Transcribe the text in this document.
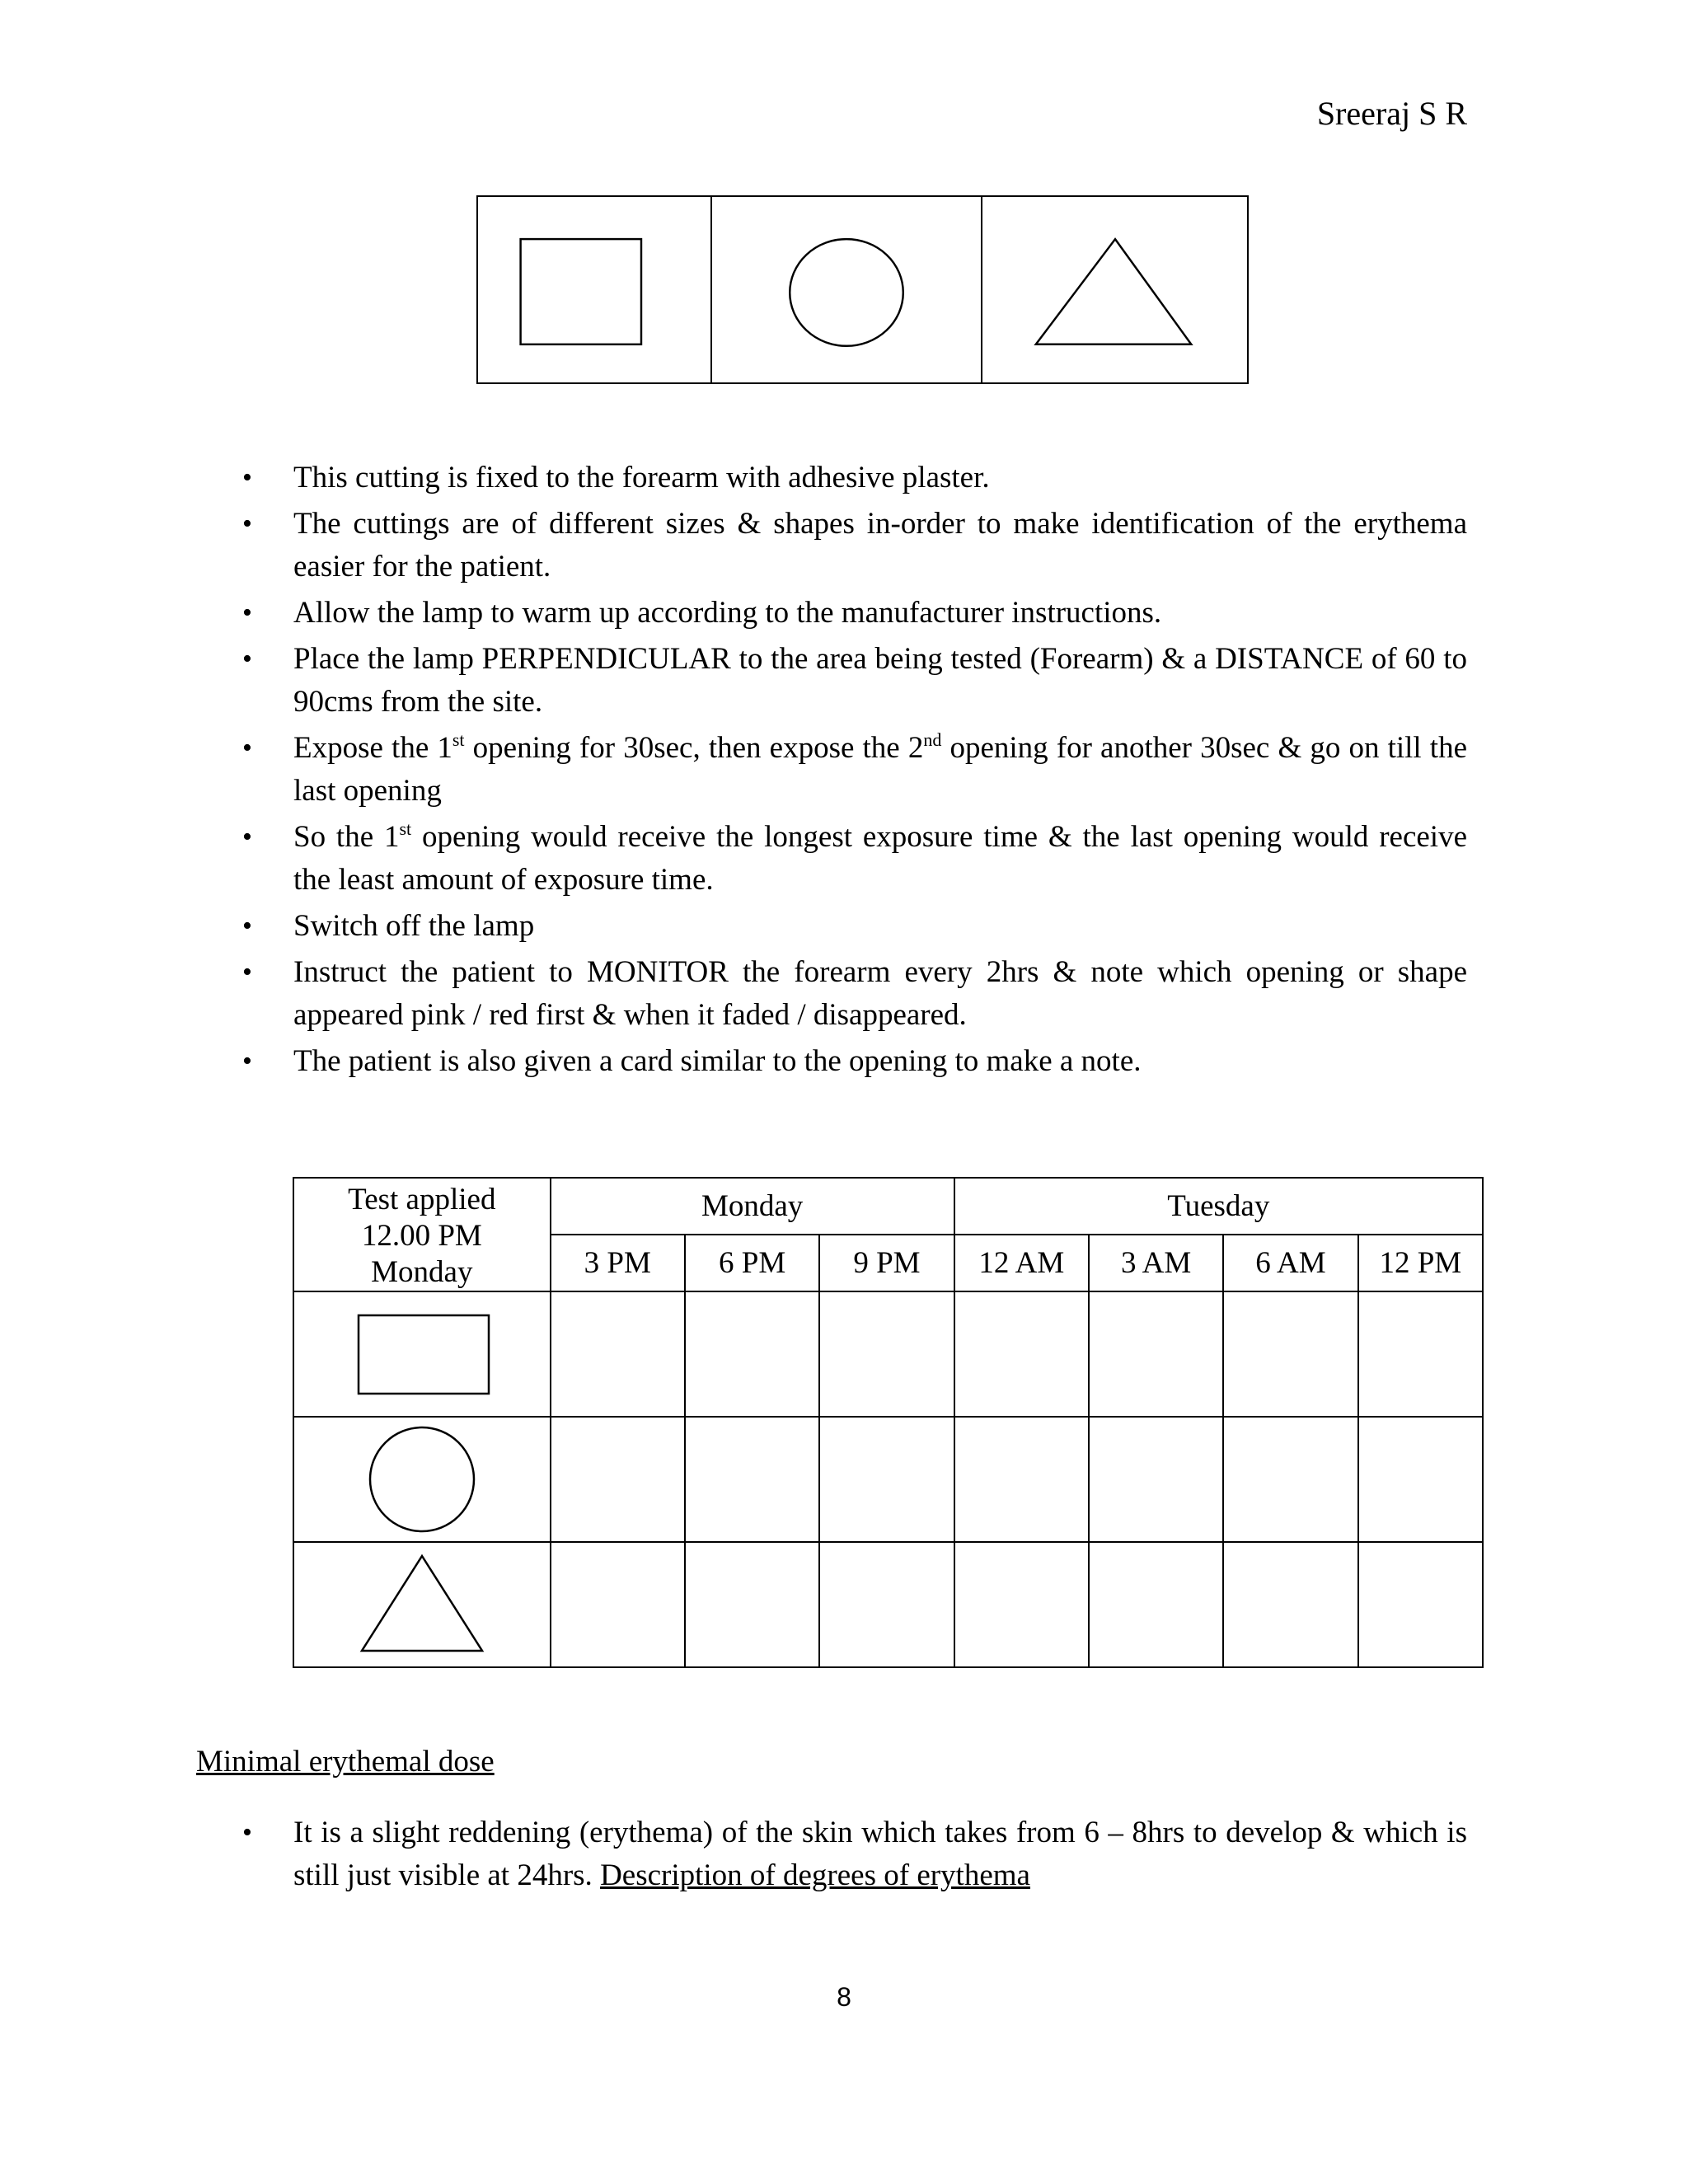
Sreeraj S R
• This cutting is fixed to the forearm with adhesive plaster.
• The cuttings are of different sizes & shapes in-order to make identification of the erythema easier for the patient.
• Allow the lamp to warm up according to the manufacturer instructions.
• Place the lamp PERPENDICULAR to the area being tested (Forearm) & a DISTANCE of 60 to 90cms from the site.
• Expose the 1st opening for 30sec, then expose the 2nd opening for another 30sec & go on till the last opening
• So the 1st opening would receive the longest exposure time & the last opening would receive the least amount of exposure time.
• Switch off the lamp
• Instruct the patient to MONITOR the forearm every 2hrs & note which opening or shape appeared pink / red first & when it faded / disappeared.
• The patient is also given a card similar to the opening to make a note.
Test applied
12.00 PM
Monday	Monday			Tuesday			
	3 PM	6 PM	9 PM	12 AM	3 AM	6 AM	12 PM

Minimal erythemal dose
• It is a slight reddening (erythema) of the skin which takes from 6 – 8hrs to develop & which is still just visible at 24hrs. Description of degrees of erythema
8
